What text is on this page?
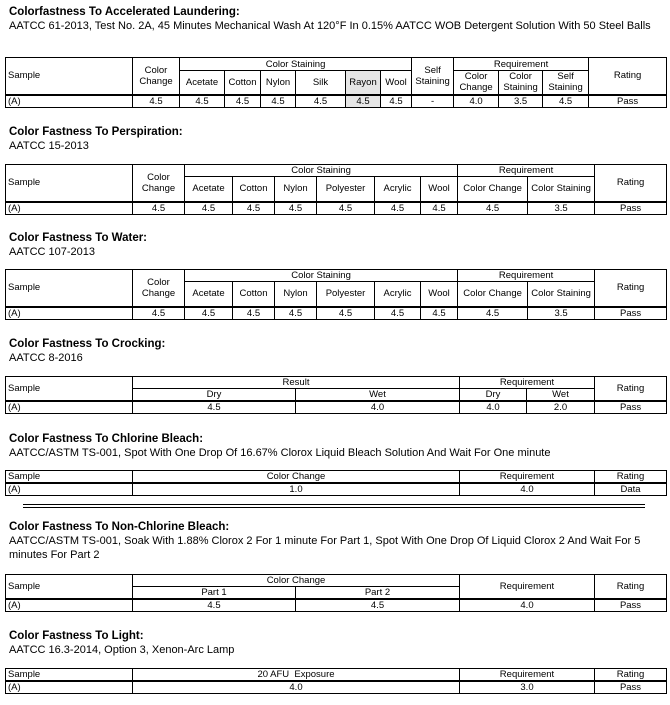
Colorfastness To Accelerated Laundering:
AATCC 61-2013, Test No. 2A, 45 Minutes Mechanical Wash At 120°F In 0.15% AATCC WOB Detergent Solution With 50 Steel Balls
Sample	Color Change	Color Staining						Self Staining	Requirement			Rating
		Acetate	Cotton	Nylon	Silk	Rayon	Wool		Color Change	Color Staining	Self Staining	
(A)	4.5	4.5	4.5	4.5	4.5	4.5	4.5	-	4.0	3.5	4.5	Pass
Color Fastness To Perspiration:
AATCC 15-2013
Sample	Color Change	Color Staining						Requirement		Rating
		Acetate	Cotton	Nylon	Polyester	Acrylic	Wool	Color Change	Color Staining	
(A)	4.5	4.5	4.5	4.5	4.5	4.5	4.5	4.5	3.5	Pass
Color Fastness To Water:
AATCC 107-2013
Sample	Color Change	Color Staining						Requirement		Rating
		Acetate	Cotton	Nylon	Polyester	Acrylic	Wool	Color Change	Color Staining	
(A)	4.5	4.5	4.5	4.5	4.5	4.5	4.5	4.5	3.5	Pass
Color Fastness To Crocking:
AATCC 8-2016
Sample	Result		Requirement		Rating
	Dry	Wet	Dry	Wet	
(A)	4.5	4.0	4.0	2.0	Pass
Color Fastness To Chlorine Bleach:
AATCC/ASTM TS-001, Spot With One Drop Of 16.67% Clorox Liquid Bleach Solution And Wait For One minute
Sample	Color Change	Requirement	Rating
(A)	1.0	4.0	Data
Color Fastness To Non-Chlorine Bleach:
AATCC/ASTM TS-001, Soak With 1.88% Clorox 2 For 1 minute For Part 1, Spot With One Drop Of Liquid Clorox 2 And Wait For 5 minutes For Part 2
Sample	Color Change		Requirement	Rating
	Part 1	Part 2		
(A)	4.5	4.5	4.0	Pass
Color Fastness To Light:
AATCC 16.3-2014, Option 3, Xenon-Arc Lamp
Sample	20 AFU  Exposure	Requirement	Rating
(A)	4.0	3.0	Pass
